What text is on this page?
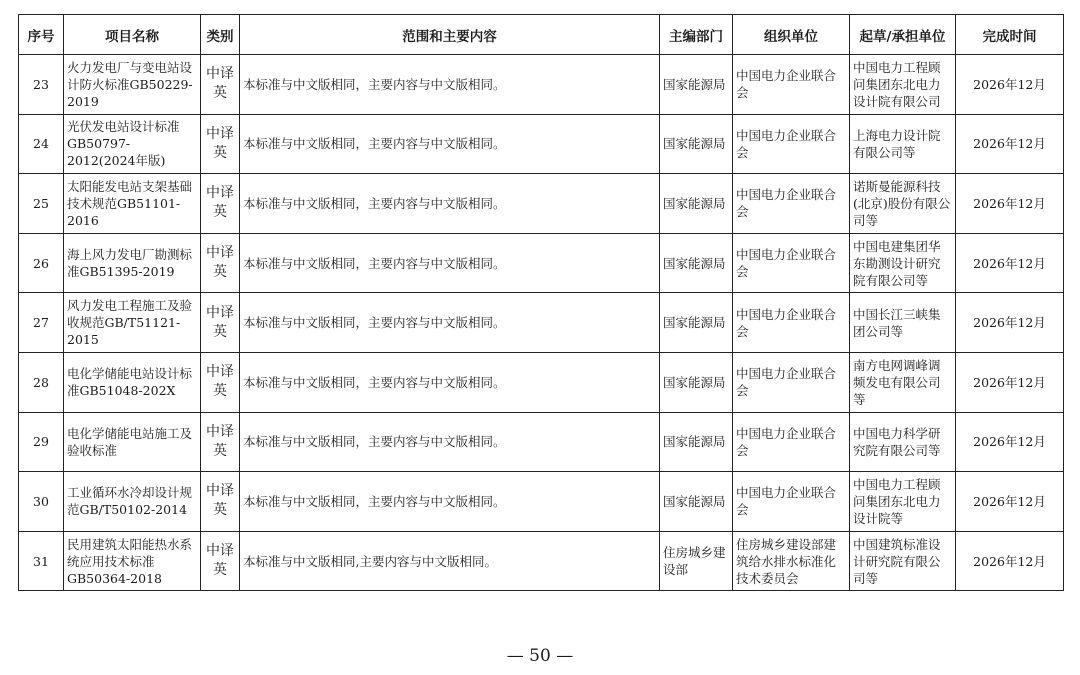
序号	项目名称	类别	范围和主要内容	主编部门	组织单位	起草/承担单位	完成时间
23	火力发电厂与变电站设计防火标准GB50229-2019	中译英	本标准与中文版相同，主要内容与中文版相同。	国家能源局	中国电力企业联合会	中国电力工程顾问集团东北电力设计院有限公司	2026年12月
24	光伏发电站设计标准GB50797-2012(2024年版)	中译英	本标准与中文版相同，主要内容与中文版相同。	国家能源局	中国电力企业联合会	上海电力设计院有限公司等	2026年12月
25	太阳能发电站支架基础技术规范GB51101-2016	中译英	本标准与中文版相同，主要内容与中文版相同。	国家能源局	中国电力企业联合会	诺斯曼能源科技(北京)股份有限公司等	2026年12月
26	海上风力发电厂勘测标准GB51395-2019	中译英	本标准与中文版相同，主要内容与中文版相同。	国家能源局	中国电力企业联合会	中国电建集团华东勘测设计研究院有限公司等	2026年12月
27	风力发电工程施工及验收规范GB/T51121-2015	中译英	本标准与中文版相同，主要内容与中文版相同。	国家能源局	中国电力企业联合会	中国长江三峡集团公司等	2026年12月
28	电化学储能电站设计标准GB51048-202X	中译英	本标准与中文版相同，主要内容与中文版相同。	国家能源局	中国电力企业联合会	南方电网调峰调频发电有限公司等	2026年12月
29	电化学储能电站施工及验收标准	中译英	本标准与中文版相同，主要内容与中文版相同。	国家能源局	中国电力企业联合会	中国电力科学研究院有限公司等	2026年12月
30	工业循环水冷却设计规范GB/T50102-2014	中译英	本标准与中文版相同，主要内容与中文版相同。	国家能源局	中国电力企业联合会	中国电力工程顾问集团东北电力设计院等	2026年12月
31	民用建筑太阳能热水系统应用技术标准GB50364-2018	中译英	本标准与中文版相同,主要内容与中文版相同。	住房城乡建设部	住房城乡建设部建筑给水排水标准化技术委员会	中国建筑标准设计研究院有限公司等	2026年12月
— 50 —
